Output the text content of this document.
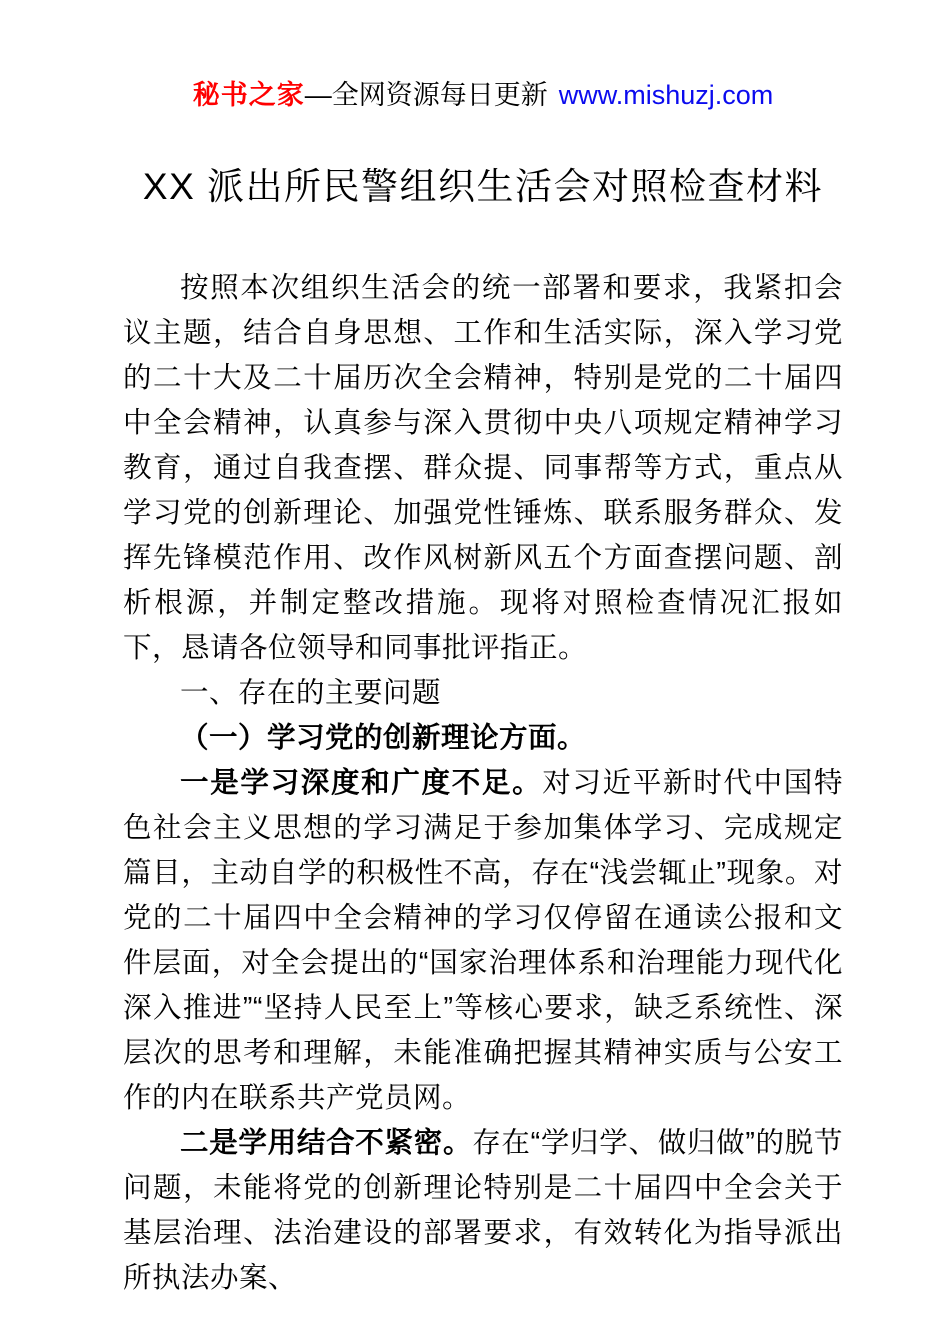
秘书之家—全网资源每日更新 www.mishuzj.com
XX 派出所民警组织生活会对照检查材料

按照本次组织生活会的统一部署和要求，我紧扣会议主题，结合自身思想、工作和生活实际，深入学习党的二十大及二十届历次全会精神，特别是党的二十届四中全会精神，认真参与深入贯彻中央八项规定精神学习教育，通过自我查摆、群众提、同事帮等方式，重点从学习党的创新理论、加强党性锤炼、联系服务群众、发挥先锋模范作用、改作风树新风五个方面查摆问题、剖析根源，并制定整改措施。现将对照检查情况汇报如下，恳请各位领导和同事批评指正。

一、存在的主要问题

（一）学习党的创新理论方面。

一是学习深度和广度不足。对习近平新时代中国特色社会主义思想的学习满足于参加集体学习、完成规定篇目，主动自学的积极性不高，存在“浅尝辄止”现象。对党的二十届四中全会精神的学习仅停留在通读公报和文件层面，对全会提出的“国家治理体系和治理能力现代化深入推进”“坚持人民至上”等核心要求，缺乏系统性、深层次的思考和理解，未能准确把握其精神实质与公安工作的内在联系共产党员网。

二是学用结合不紧密。存在“学归学、做归做”的脱节问题，未能将党的创新理论特别是二十届四中全会关于基层治理、法治建设的部署要求，有效转化为指导派出所执法办案、
